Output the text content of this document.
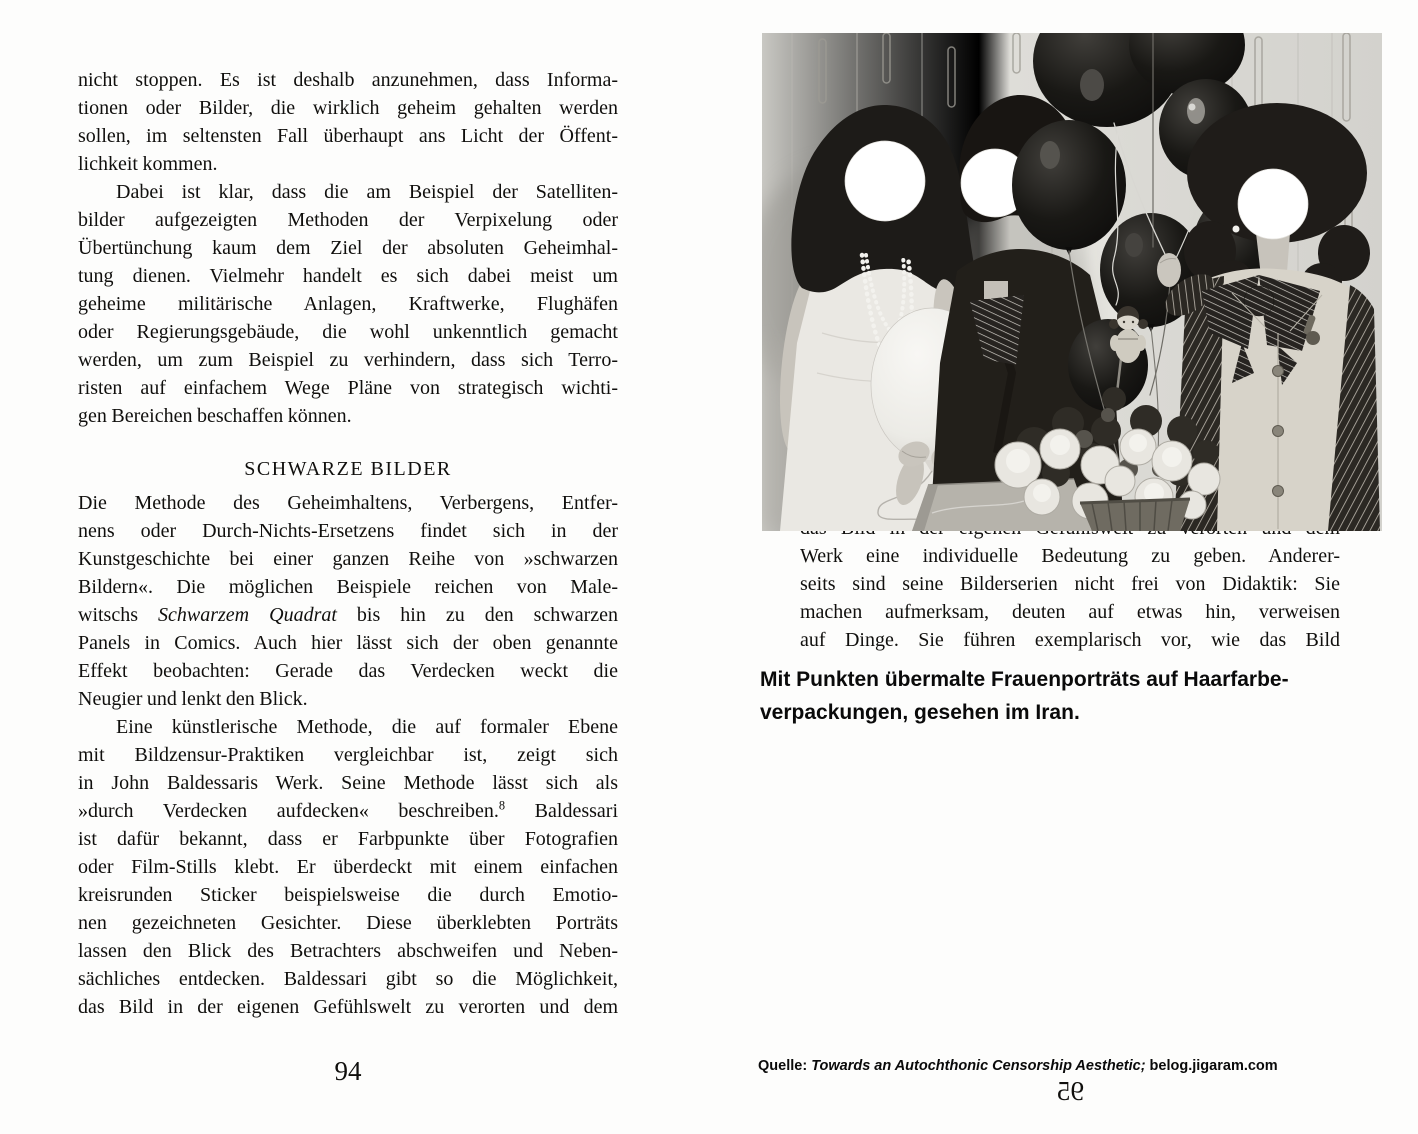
nicht stoppen. Es ist deshalb anzunehmen, dass Informa-
tionen oder Bilder, die wirklich geheim gehalten werden
sollen, im seltensten Fall überhaupt ans Licht der Öffent-
lichkeit kommen.
Dabei ist klar, dass die am Beispiel der Satelliten-
bilder aufgezeigten Methoden der Verpixelung oder
Übertünchung kaum dem Ziel der absoluten Geheimhal-
tung dienen. Vielmehr handelt es sich dabei meist um
geheime militärische Anlagen, Kraftwerke, Flughäfen
oder Regierungsgebäude, die wohl unkenntlich gemacht
werden, um zum Beispiel zu verhindern, dass sich Terro-
risten auf einfachem Wege Pläne von strategisch wichti-
gen Bereichen beschaffen können.
SCHWARZE BILDER
Die Methode des Geheimhaltens, Verbergens, Entfer-
nens oder Durch-Nichts-Ersetzens findet sich in der
Kunstgeschichte bei einer ganzen Reihe von »schwarzen
Bildern«. Die möglichen Beispiele reichen von Male-
witschs Schwarzem Quadrat bis hin zu den schwarzen
Panels in Comics. Auch hier lässt sich der oben genannte
Effekt beobachten: Gerade das Verdecken weckt die
Neugier und lenkt den Blick.
Eine künstlerische Methode, die auf formaler Ebene
mit Bildzensur-Praktiken vergleichbar ist, zeigt sich
in John Baldessaris Werk. Seine Methode lässt sich als
»durch Verdecken aufdecken« beschreiben.$^8$ Baldessari
ist dafür bekannt, dass er Farbpunkte über Fotografien
oder Film-Stills klebt. Er überdeckt mit einem einfachen
kreisrunden Sticker beispielsweise die durch Emotio-
nen gezeichneten Gesichter. Diese überklebten Porträts
lassen den Blick des Betrachters abschweifen und Neben-
sächliches entdecken. Baldessari gibt so die Möglichkeit,
das Bild in der eigenen Gefühlswelt zu verorten und dem
94
Werk eine individuelle Bedeutung zu geben. Anderer-
seits sind seine Bilderserien nicht frei von Didaktik: Sie
machen aufmerksam, deuten auf etwas hin, verweisen
auf Dinge. Sie führen exemplarisch vor, wie das Bild
Mit Punkten übermalte Frauenporträts auf Haarfarbe-
verpackungen, gesehen im Iran.
Quelle: Towards an Autochthonic Censorship Aesthetic; belog.jigaram.com
95
